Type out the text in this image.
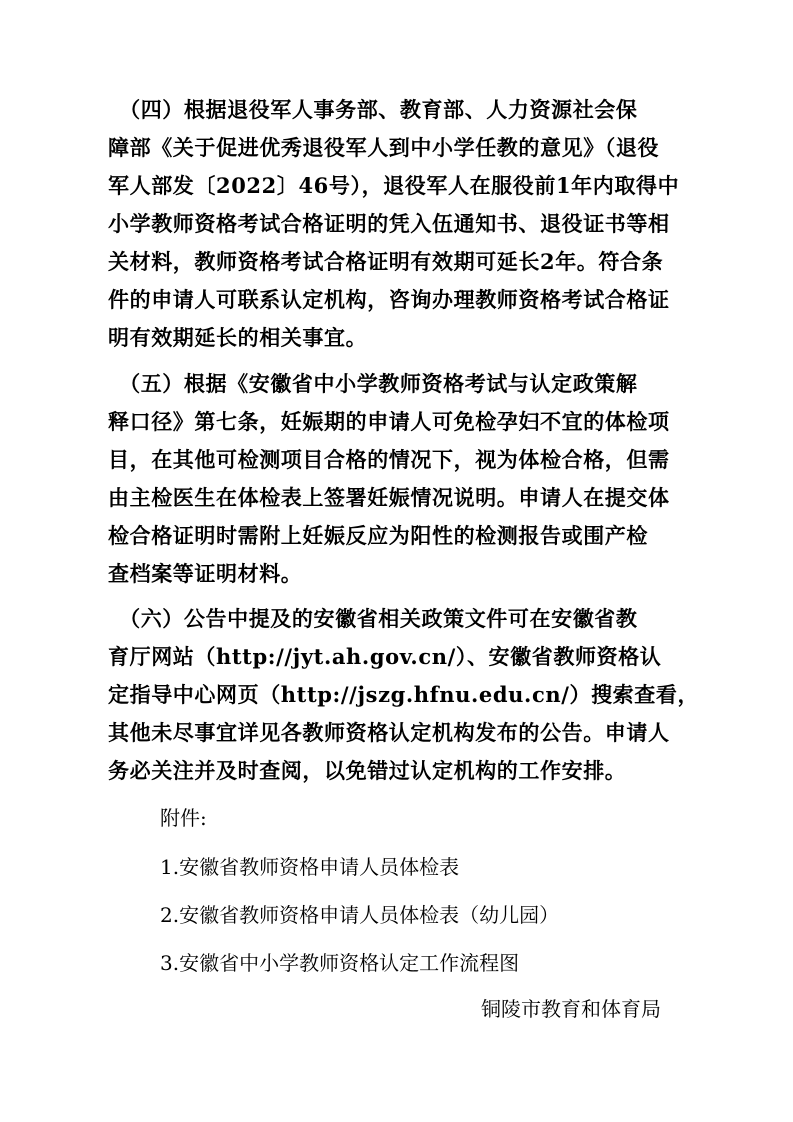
　（四）根据退役军人事务部、教育部、人力资源社会保

障部《关于促进优秀退役军人到中小学任教的意见》（退役

军人部发〔2022〕46号），退役军人在服役前1年内取得中

小学教师资格考试合格证明的凭入伍通知书、退役证书等相

关材料，教师资格考试合格证明有效期可延长2年。符合条

件的申请人可联系认定机构，咨询办理教师资格考试合格证

明有效期延长的相关事宜。

　（五）根据《安徽省中小学教师资格考试与认定政策解

释口径》第七条，妊娠期的申请人可免检孕妇不宜的体检项

目，在其他可检测项目合格的情况下，视为体检合格，但需

由主检医生在体检表上签署妊娠情况说明。申请人在提交体

检合格证明时需附上妊娠反应为阳性的检测报告或围产检

查档案等证明材料。

　（六）公告中提及的安徽省相关政策文件可在安徽省教

育厅网站（http://jyt.ah.gov.cn/）、安徽省教师资格认

定指导中心网页（http://jszg.hfnu.edu.cn/）搜索查看，

其他未尽事宜详见各教师资格认定机构发布的公告。申请人

务必关注并及时查阅，以免错过认定机构的工作安排。

附件:

1.安徽省教师资格申请人员体检表

2.安徽省教师资格申请人员体检表（幼儿园）

3.安徽省中小学教师资格认定工作流程图

铜陵市教育和体育局
